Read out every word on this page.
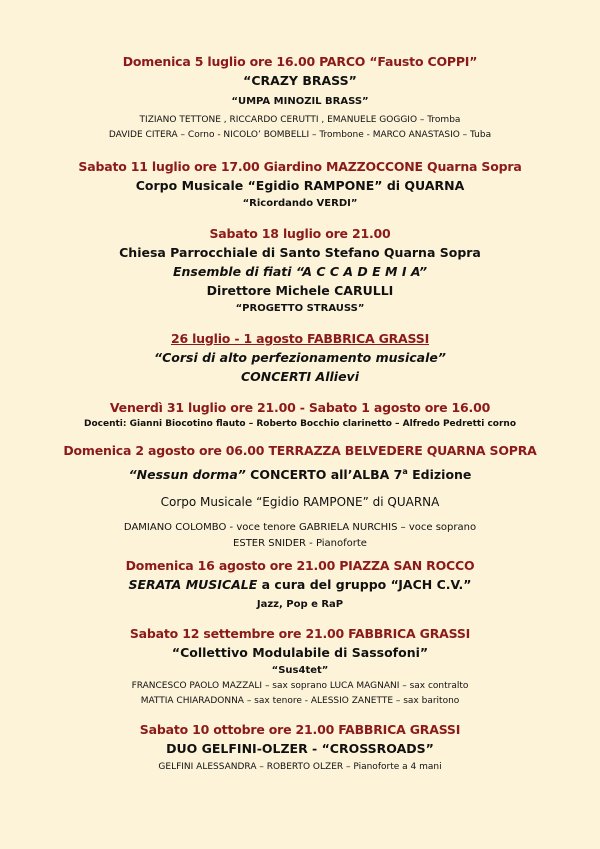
Domenica 5 luglio ore 16.00 PARCO “Fausto COPPI”
“CRAZY BRASS”
“UMPA MINOZIL BRASS”
TIZIANO TETTONE , RICCARDO CERUTTI , EMANUELE GOGGIO – Tromba
DAVIDE CITERA – Corno - NICOLO’ BOMBELLI – Trombone - MARCO ANASTASIO – Tuba
Sabato 11 luglio ore 17.00 Giardino MAZZOCCONE Quarna Sopra
Corpo Musicale “Egidio RAMPONE” di QUARNA
“Ricordando VERDI”
Sabato 18 luglio ore 21.00
Chiesa Parrocchiale di Santo Stefano Quarna Sopra
Ensemble di fiati “A C C A D E M I A”
Direttore Michele CARULLI
“PROGETTO STRAUSS”
26 luglio - 1 agosto FABBRICA GRASSI
“Corsi di alto perfezionamento musicale”
CONCERTI Allievi
Venerdì 31 luglio ore 21.00 - Sabato 1 agosto ore 16.00
Docenti: Gianni Biocotino flauto – Roberto Bocchio clarinetto – Alfredo Pedretti corno
Domenica 2 agosto ore 06.00 TERRAZZA BELVEDERE QUARNA SOPRA
“Nessun dorma” CONCERTO all’ALBA 7$^a$ Edizione
Corpo Musicale “Egidio RAMPONE” di QUARNA
DAMIANO COLOMBO - voce tenore GABRIELA NURCHIS – voce soprano
ESTER SNIDER - Pianoforte
Domenica 16 agosto ore 21.00 PIAZZA SAN ROCCO
SERATA MUSICALE a cura del gruppo “JACH C.V.”
Jazz, Pop e RaP
Sabato 12 settembre ore 21.00 FABBRICA GRASSI
“Collettivo Modulabile di Sassofoni”
“Sus4tet”
FRANCESCO PAOLO MAZZALI – sax soprano LUCA MAGNANI – sax contralto
MATTIA CHIARADONNA – sax tenore - ALESSIO ZANETTE – sax baritono
Sabato 10 ottobre ore 21.00 FABBRICA GRASSI
DUO GELFINI-OLZER - “CROSSROADS”
GELFINI ALESSANDRA – ROBERTO OLZER – Pianoforte a 4 mani
